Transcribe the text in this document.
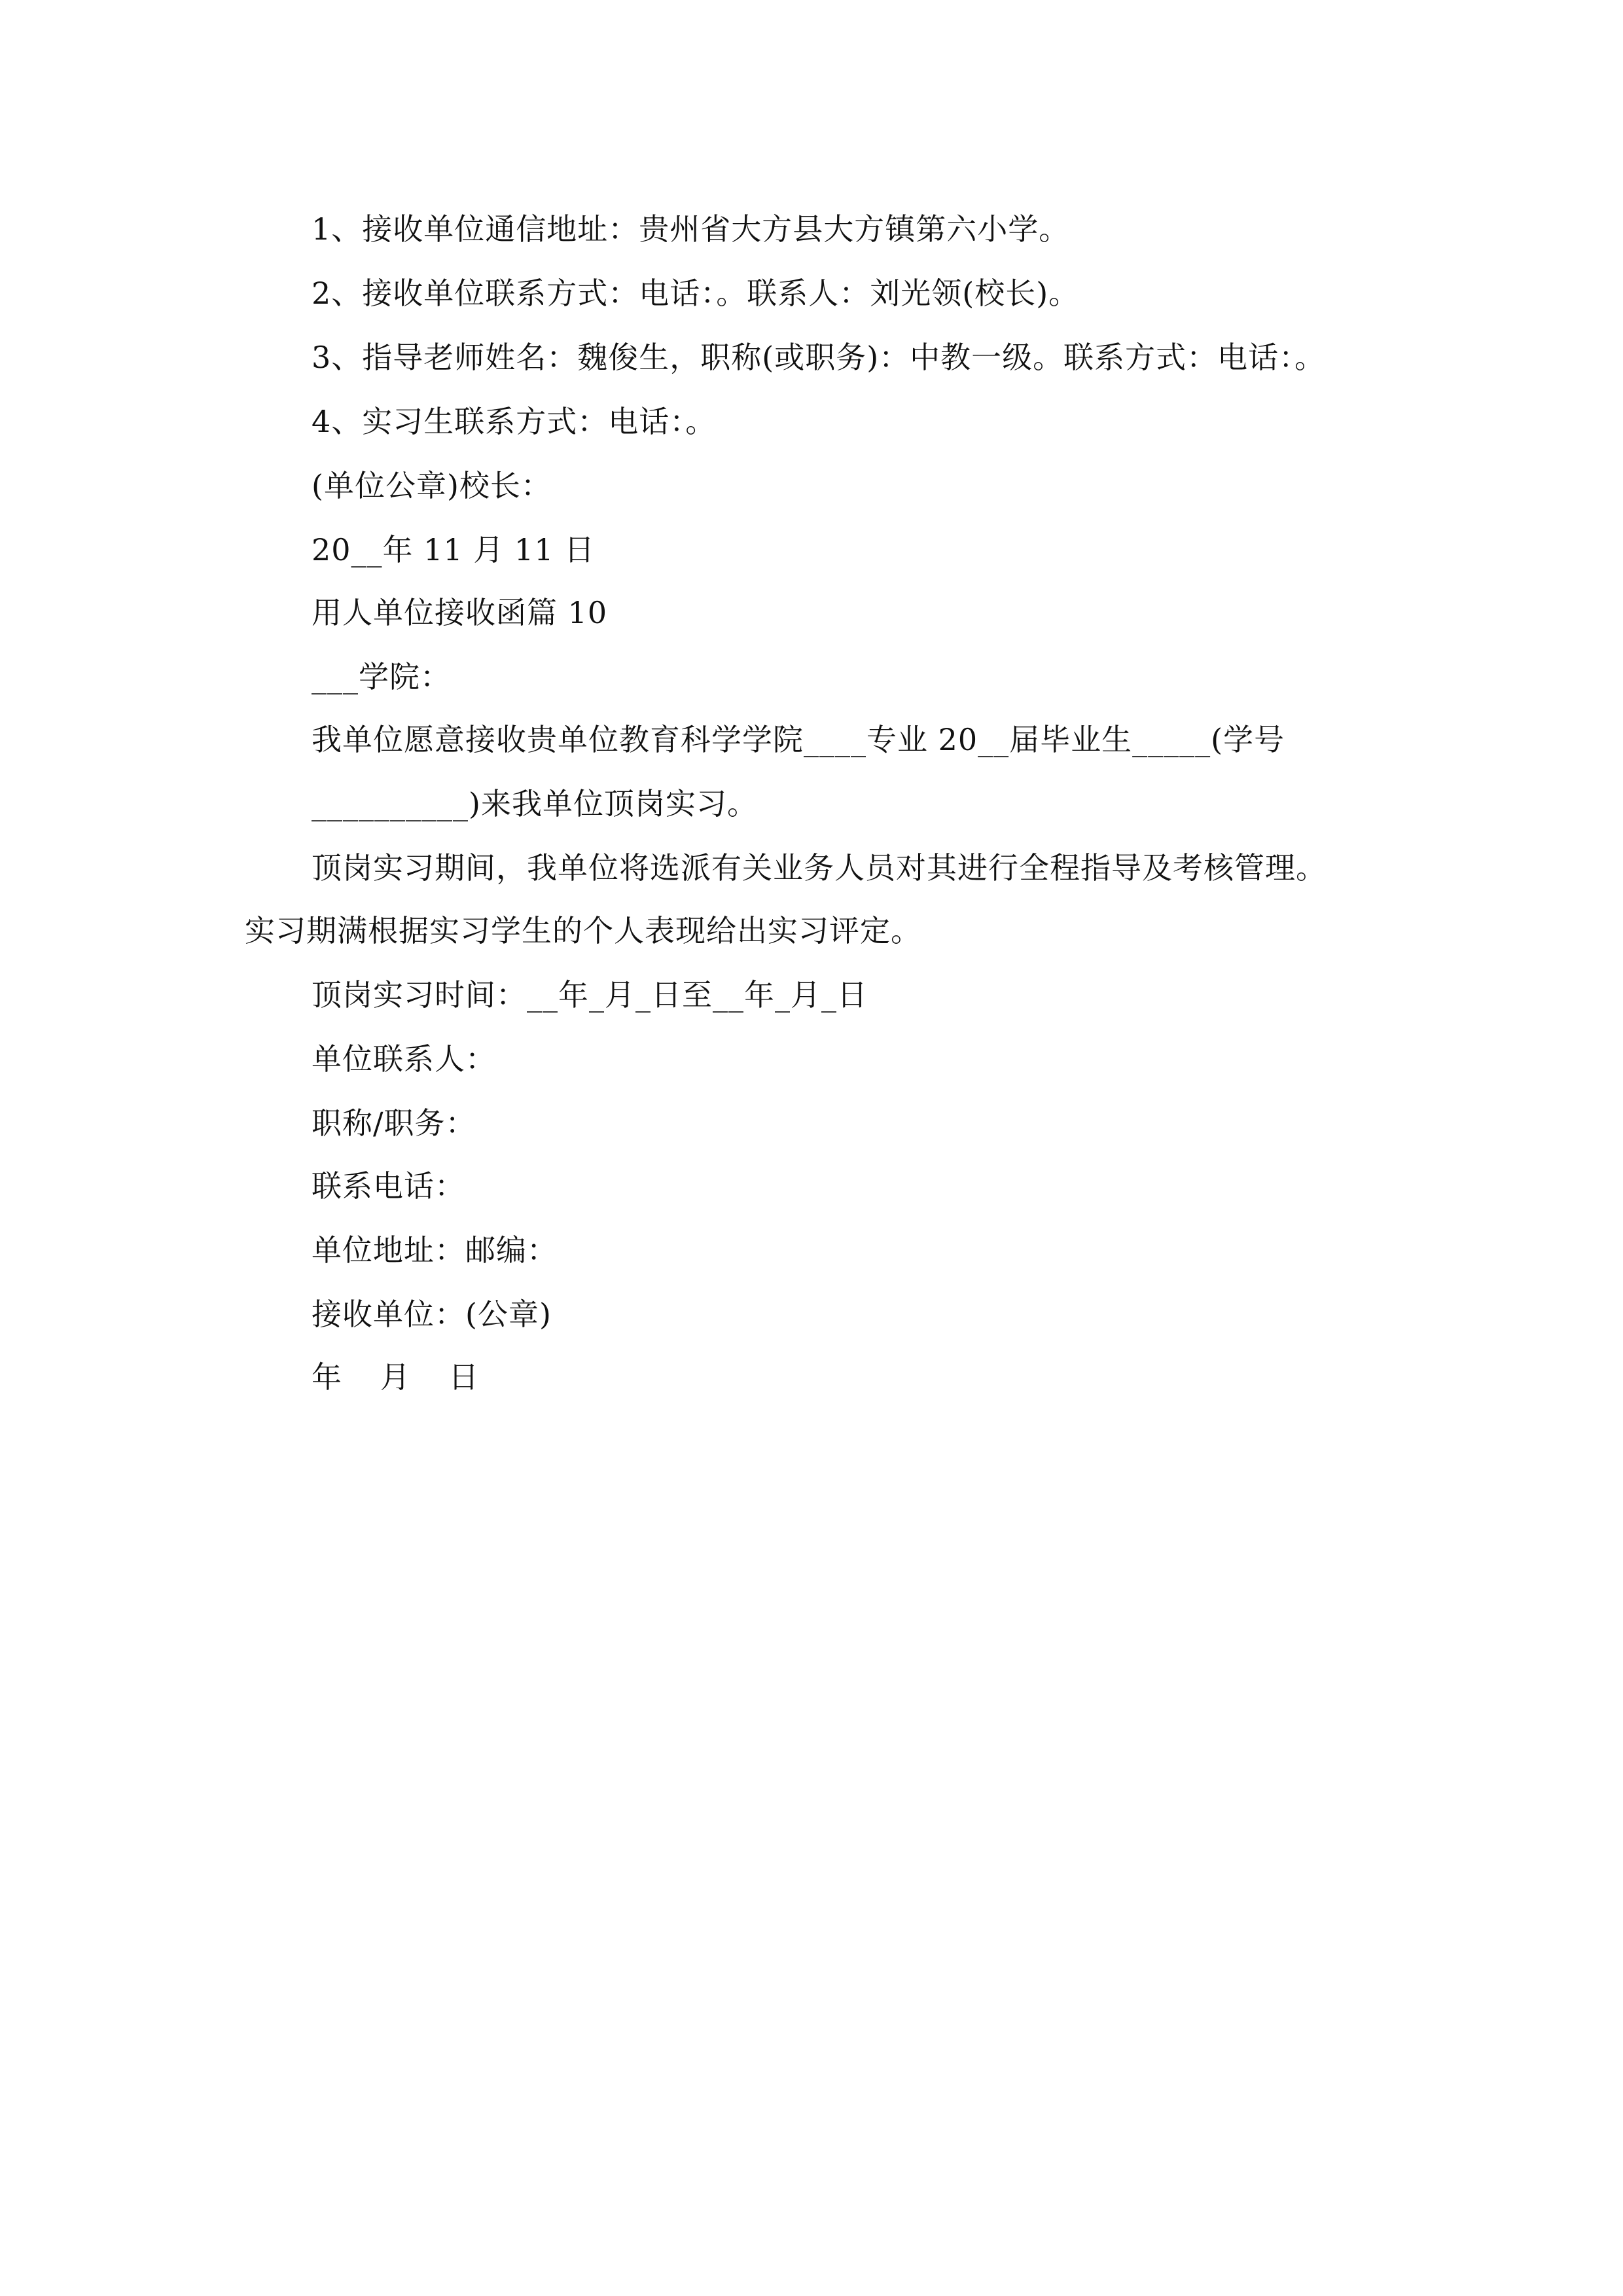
1、接收单位通信地址：贵州省大方县大方镇第六小学。
2、接收单位联系方式：电话：。联系人：刘光领(校长)。
3、指导老师姓名：魏俊生，职称(或职务)：中教一级。联系方式：电话：。
4、实习生联系方式：电话：。
(单位公章)校长：
20__年 11 月 11 日
用人单位接收函篇 10
___学院：
我单位愿意接收贵单位教育科学学院____专业 20__届毕业生_____(学号
__________)来我单位顶岗实习。
顶岗实习期间，我单位将选派有关业务人员对其进行全程指导及考核管理。
实习期满根据实习学生的个人表现给出实习评定。
顶岗实习时间：__年_月_日至__年_月_日
单位联系人：
职称/职务：
联系电话：
单位地址：邮编：
接收单位：(公章)
年 月 日
